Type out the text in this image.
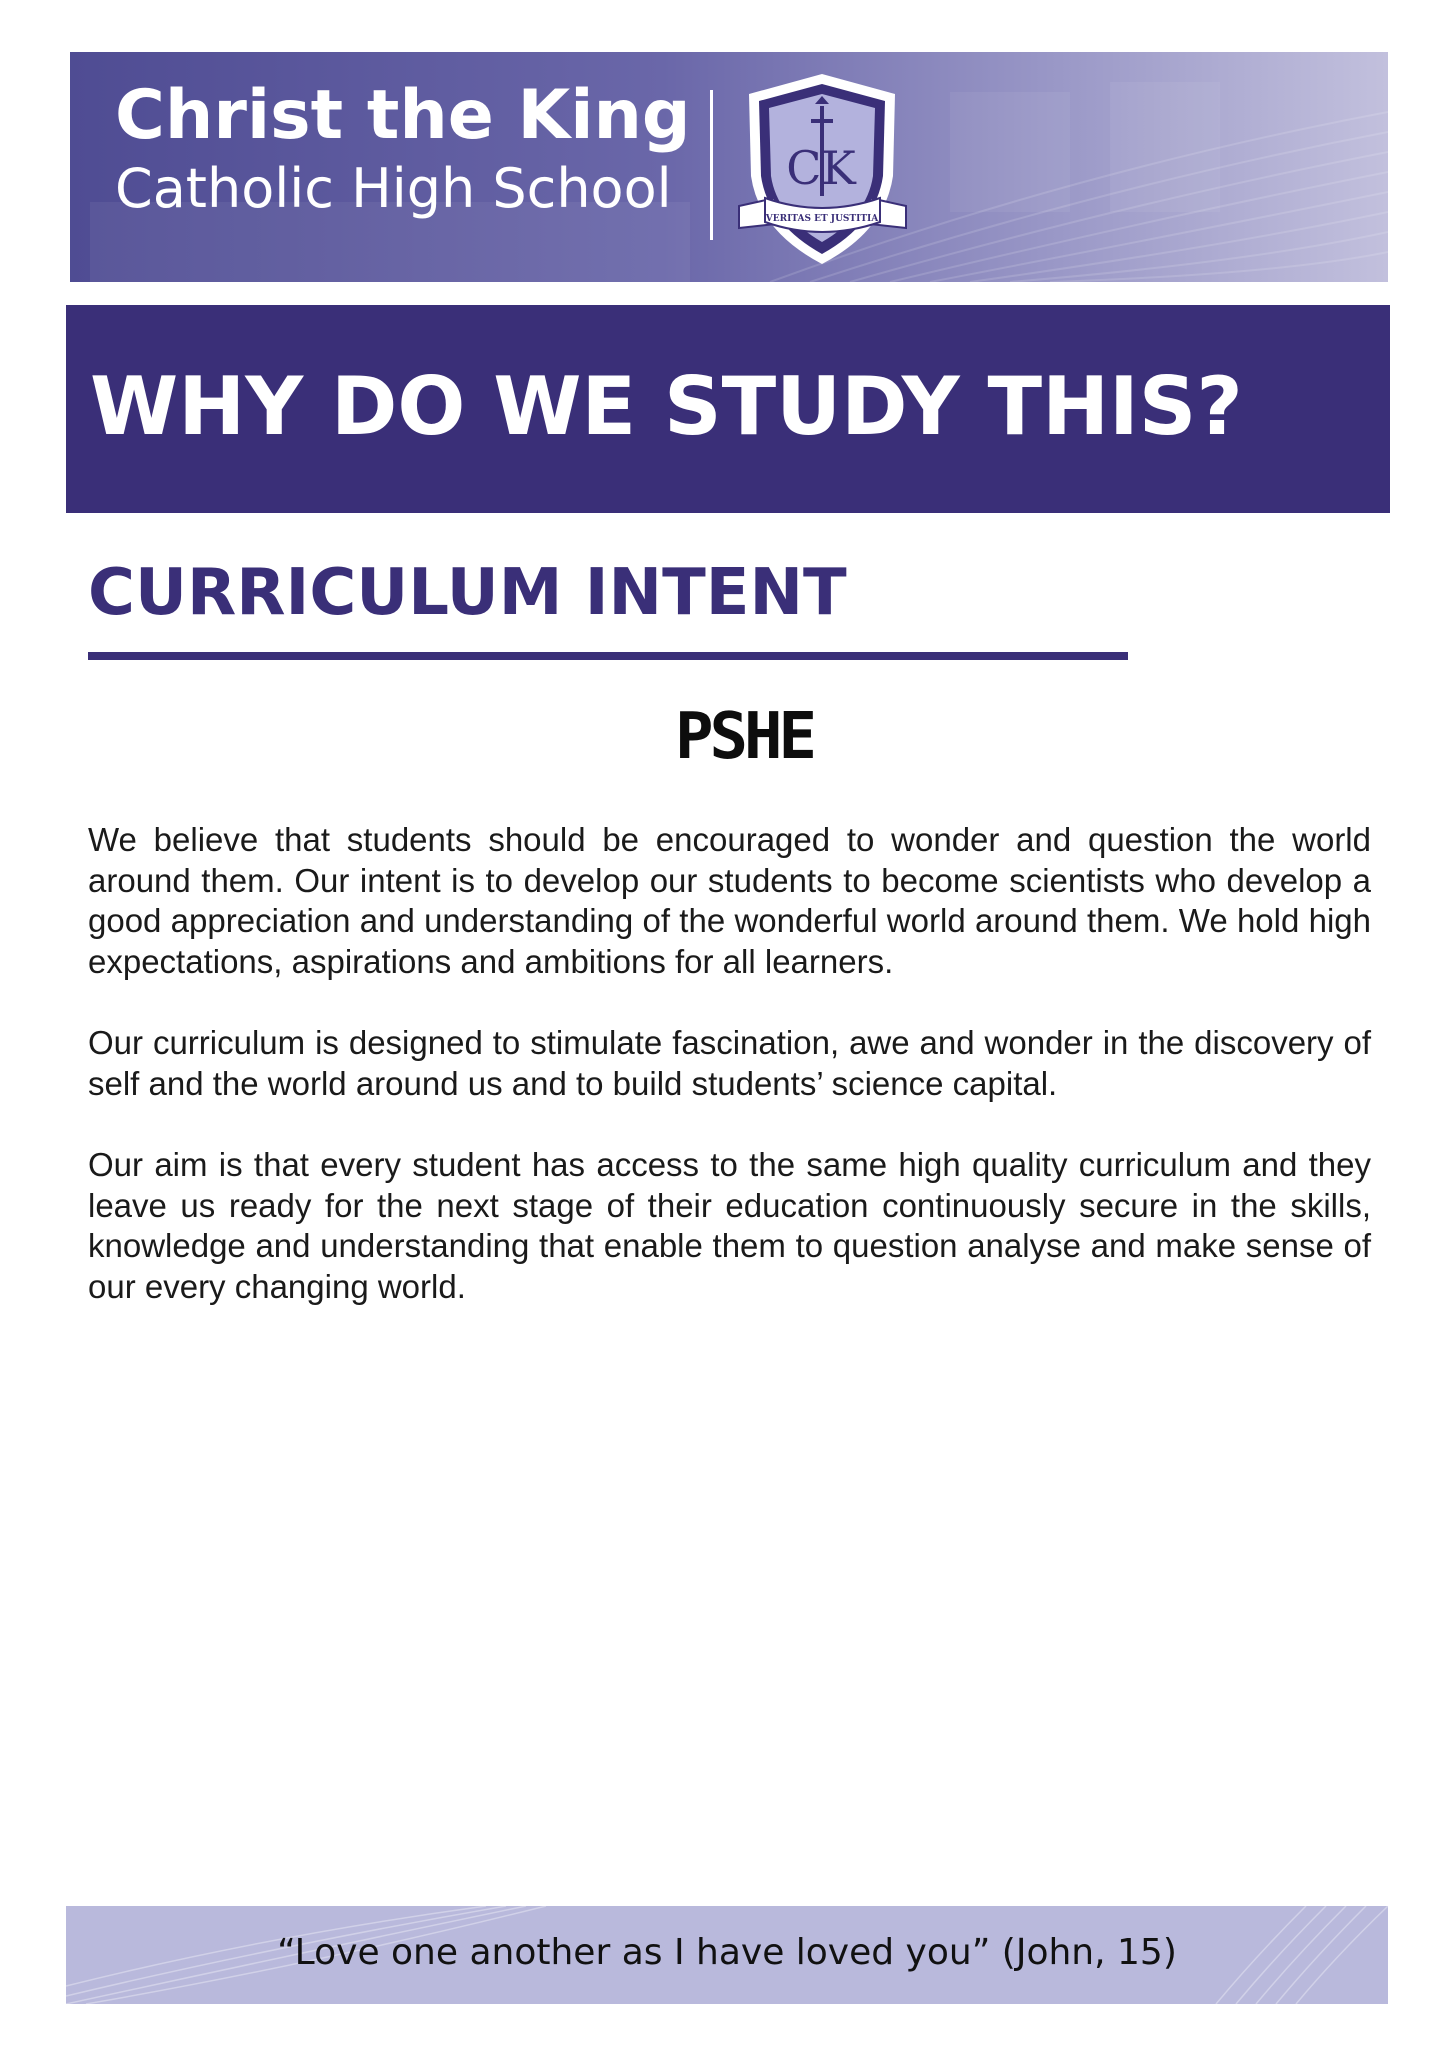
Christ the King
Catholic High School	CK
VERITAS ET JUSTITIA
WHY DO WE STUDY THIS?
CURRICULUM INTENT
PSHE

We believe that students should be encouraged to wonder and question the world around them. Our intent is to develop our students to become scientists who develop a good appreciation and understanding of the wonderful world around them. We hold high expectations, aspirations and ambitions for all learners.

Our curriculum is designed to stimulate fascination, awe and wonder in the discovery of self and the world around us and to build students’ science capital.

Our aim is that every student has access to the same high quality curriculum and they leave us ready for the next stage of their education continuously secure in the skills, knowledge and understanding that enable them to question analyse and make sense of our every changing world.

“Love one another as I have loved you” (John, 15)
